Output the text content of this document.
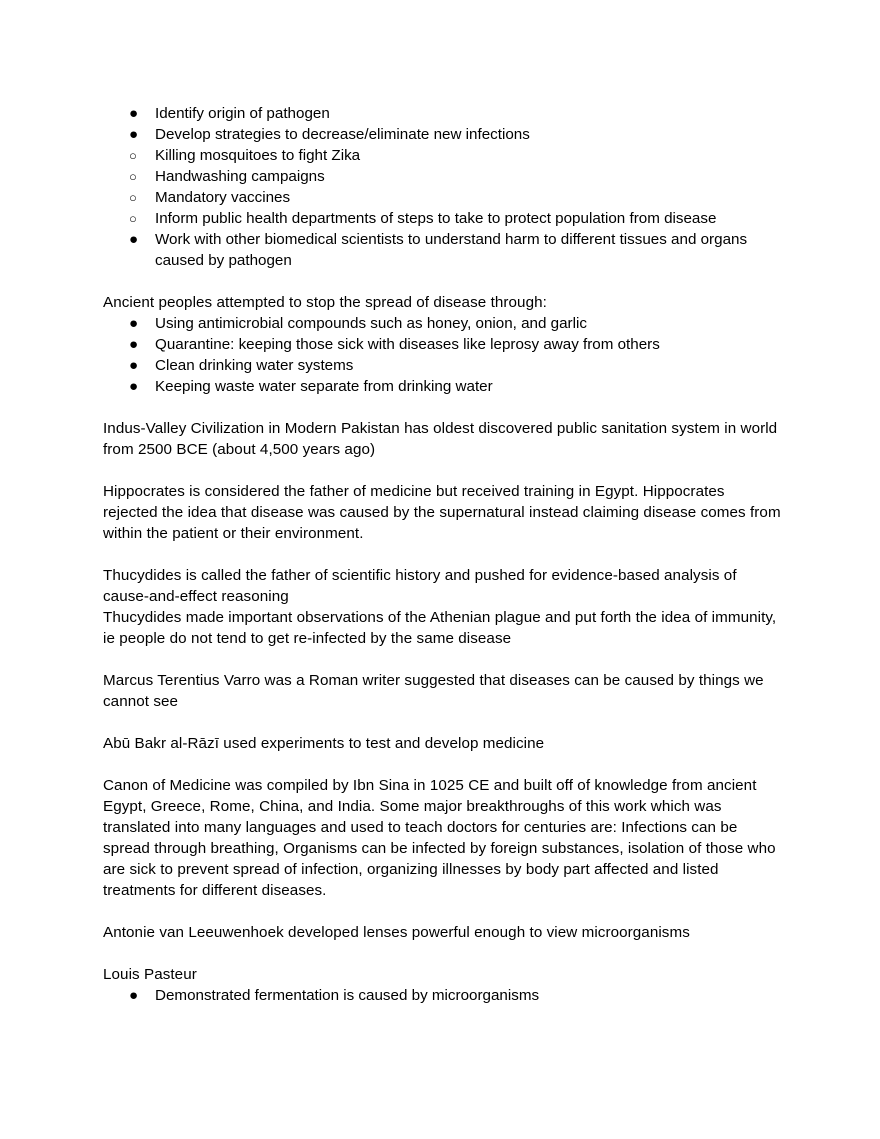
● Identify origin of pathogen
● Develop strategies to decrease/eliminate new infections
○ Killing mosquitoes to fight Zika
○ Handwashing campaigns
○ Mandatory vaccines
○ Inform public health departments of steps to take to protect population from disease
● Work with other biomedical scientists to understand harm to different tissues and organs caused by pathogen

Ancient peoples attempted to stop the spread of disease through:

● Using antimicrobial compounds such as honey, onion, and garlic
● Quarantine: keeping those sick with diseases like leprosy away from others
● Clean drinking water systems
● Keeping waste water separate from drinking water

Indus-Valley Civilization in Modern Pakistan has oldest discovered public sanitation system in world from 2500 BCE (about 4,500 years ago)

Hippocrates is considered the father of medicine but received training in Egypt. Hippocrates rejected the idea that disease was caused by the supernatural instead claiming disease comes from within the patient or their environment.

Thucydides is called the father of scientific history and pushed for evidence-based analysis of cause-and-effect reasoning

Thucydides made important observations of the Athenian plague and put forth the idea of immunity, ie people do not tend to get re-infected by the same disease

Marcus Terentius Varro was a Roman writer suggested that diseases can be caused by things we cannot see

Abū Bakr al-Rāzī used experiments to test and develop medicine

Canon of Medicine was compiled by Ibn Sina in 1025 CE and built off of knowledge from ancient Egypt, Greece, Rome, China, and India. Some major breakthroughs of this work which was translated into many languages and used to teach doctors for centuries are: Infections can be spread through breathing, Organisms can be infected by foreign substances, isolation of those who are sick to prevent spread of infection, organizing illnesses by body part affected and listed treatments for different diseases.

Antonie van Leeuwenhoek developed lenses powerful enough to view microorganisms

Louis Pasteur

● Demonstrated fermentation is caused by microorganisms
